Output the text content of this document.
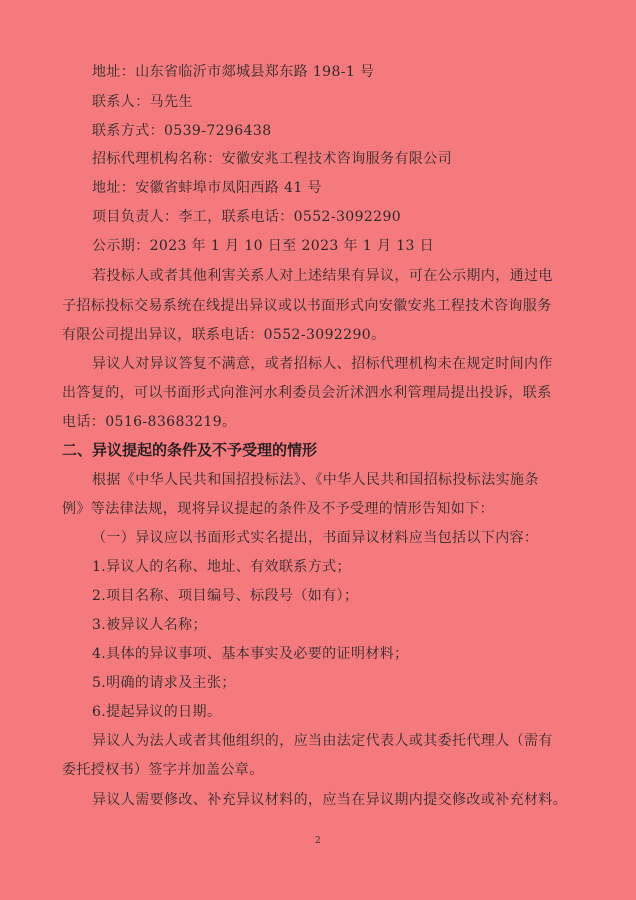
地址：山东省临沂市郯城县郑东路 198-1 号
联系人：马先生
联系方式：0539-7296438
招标代理机构名称：安徽安兆工程技术咨询服务有限公司
地址：安徽省蚌埠市凤阳西路 41 号
项目负责人：李工，联系电话：0552-3092290
公示期：2023 年 1 月 10 日至 2023 年 1 月 13 日
若投标人或者其他利害关系人对上述结果有异议，可在公示期内，通过电
子招标投标交易系统在线提出异议或以书面形式向安徽安兆工程技术咨询服务
有限公司提出异议，联系电话：0552-3092290。
异议人对异议答复不满意，或者招标人、招标代理机构未在规定时间内作
出答复的，可以书面形式向淮河水利委员会沂沭泗水利管理局提出投诉，联系
电话：0516-83683219。
二、异议提起的条件及不予受理的情形
根据《中华人民共和国招投标法》、《中华人民共和国招标投标法实施条
例》等法律法规，现将异议提起的条件及不予受理的情形告知如下：
（一）异议应以书面形式实名提出，书面异议材料应当包括以下内容：
1.异议人的名称、地址、有效联系方式；
2.项目名称、项目编号、标段号（如有）；
3.被异议人名称；
4.具体的异议事项、基本事实及必要的证明材料；
5.明确的请求及主张；
6.提起异议的日期。
异议人为法人或者其他组织的，应当由法定代表人或其委托代理人（需有
委托授权书）签字并加盖公章。
异议人需要修改、补充异议材料的，应当在异议期内提交修改或补充材料。
2
